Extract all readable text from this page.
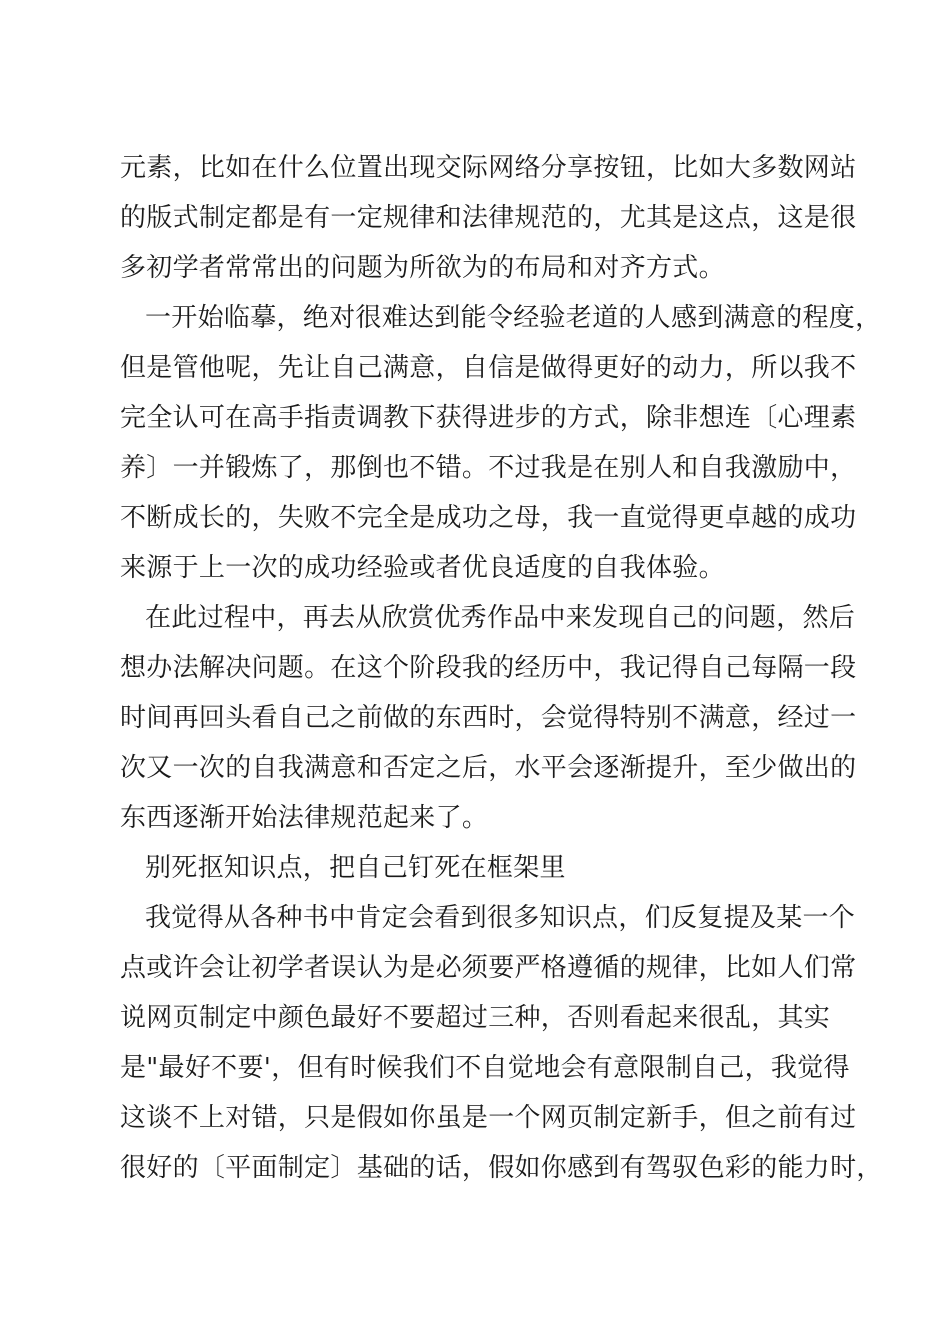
元素，比如在什么位置出现交际网络分享按钮，比如大多数网站
的版式制定都是有一定规律和法律规范的，尤其是这点，这是很
多初学者常常出的问题为所欲为的布局和对齐方式。
一开始临摹，绝对很难达到能令经验老道的人感到满意的程度，
但是管他呢，先让自己满意，自信是做得更好的动力，所以我不
完全认可在高手指责调教下获得进步的方式，除非想连〔心理素
养〕一并锻炼了，那倒也不错。不过我是在别人和自我激励中，
不断成长的，失败不完全是成功之母，我一直觉得更卓越的成功
来源于上一次的成功经验或者优良适度的自我体验。
在此过程中，再去从欣赏优秀作品中来发现自己的问题，然后
想办法解决问题。在这个阶段我的经历中，我记得自己每隔一段
时间再回头看自己之前做的东西时，会觉得特别不满意，经过一
次又一次的自我满意和否定之后，水平会逐渐提升，至少做出的
东西逐渐开始法律规范起来了。
别死抠知识点，把自己钉死在框架里
我觉得从各种书中肯定会看到很多知识点，们反复提及某一个
点或许会让初学者误认为是必须要严格遵循的规律，比如人们常
说网页制定中颜色最好不要超过三种，否则看起来很乱，其实
是"最好不要'，但有时候我们不自觉地会有意限制自己，我觉得
这谈不上对错，只是假如你虽是一个网页制定新手，但之前有过
很好的〔平面制定〕基础的话，假如你感到有驾驭色彩的能力时，
